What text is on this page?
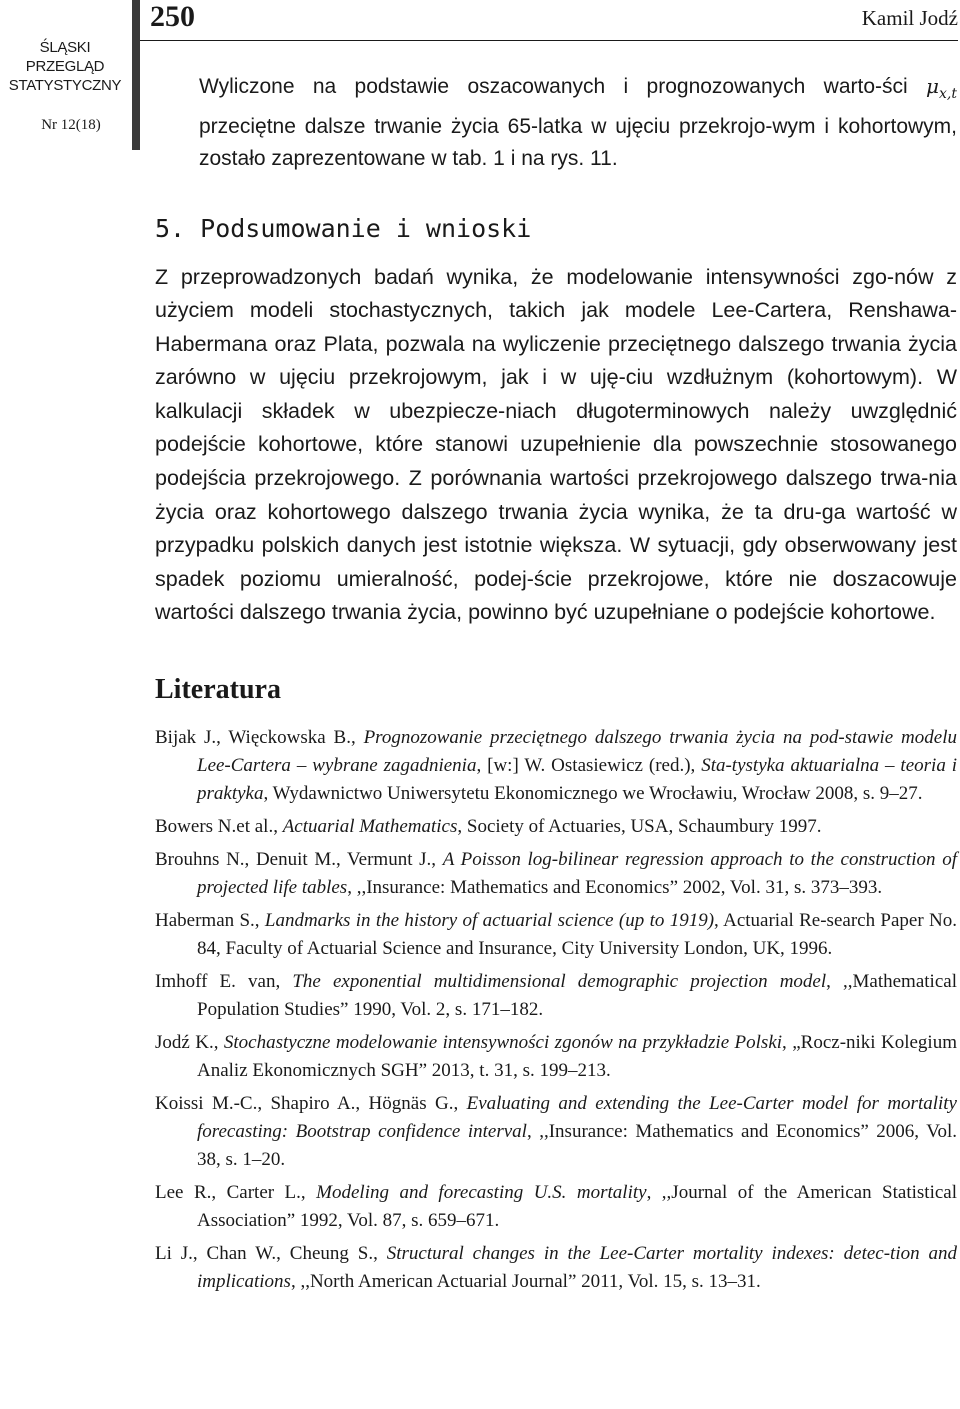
ŚLĄSKI
PRZEGLĄD
STATYSTYCZNY
Nr 12(18)
250	Kamil Jodź

Wyliczone na podstawie oszacowanych i prognozowanych warto-ści $\mu_{x,t}$ przeciętne dalsze trwanie życia 65-latka w ujęciu przekrojo-wym i kohortowym, zostało zaprezentowane w tab. 1 i na rys. 11.

5. Podsumowanie i wnioski

Z przeprowadzonych badań wynika, że modelowanie intensywności zgo-nów z użyciem modeli stochastycznych, takich jak modele Lee-Cartera, Renshawa-Habermana oraz Plata, pozwala na wyliczenie przeciętnego dalszego trwania życia zarówno w ujęciu przekrojowym, jak i w uję-ciu wzdłużnym (kohortowym). W kalkulacji składek w ubezpiecze-niach długoterminowych należy uwzględnić podejście kohortowe, które stanowi uzupełnienie dla powszechnie stosowanego podejścia przekrojowego. Z porównania wartości przekrojowego dalszego trwa-nia życia oraz kohortowego dalszego trwania życia wynika, że ta dru-ga wartość w przypadku polskich danych jest istotnie większa. W sytuacji, gdy obserwowany jest spadek poziomu umieralność, podej-ście przekrojowe, które nie doszacowuje wartości dalszego trwania życia, powinno być uzupełniane o podejście kohortowe.

Literatura

Bijak J., Więckowska B., Prognozowanie przeciętnego dalszego trwania życia na pod-stawie modelu Lee-Cartera – wybrane zagadnienia, [w:] W. Ostasiewicz (red.), Sta-tystyka aktuarialna – teoria i praktyka, Wydawnictwo Uniwersytetu Ekonomicznego we Wrocławiu, Wrocław 2008, s. 9–27.

Bowers N.et al., Actuarial Mathematics, Society of Actuaries, USA, Schaumbury 1997.

Brouhns N., Denuit M., Vermunt J., A Poisson log-bilinear regression approach to the construction of projected life tables, ,,Insurance: Mathematics and Economics” 2002, Vol. 31, s. 373–393.

Haberman S., Landmarks in the history of actuarial science (up to 1919), Actuarial Re-search Paper No. 84, Faculty of Actuarial Science and Insurance, City University London, UK, 1996.

Imhoff E. van, The exponential multidimensional demographic projection model, ,,Mathematical Population Studies” 1990, Vol. 2, s. 171–182.

Jodź K., Stochastyczne modelowanie intensywności zgonów na przykładzie Polski, „Rocz-niki Kolegium Analiz Ekonomicznych SGH” 2013, t. 31, s. 199–213.

Koissi M.-C., Shapiro A., Högnäs G., Evaluating and extending the Lee-Carter model for mortality forecasting: Bootstrap confidence interval, ,,Insurance: Mathematics and Economics” 2006, Vol. 38, s. 1–20.

Lee R., Carter L., Modeling and forecasting U.S. mortality, ,,Journal of the American Statistical Association” 1992, Vol. 87, s. 659–671.

Li J., Chan W., Cheung S., Structural changes in the Lee-Carter mortality indexes: detec-tion and implications, ,,North American Actuarial Journal” 2011, Vol. 15, s. 13–31.
